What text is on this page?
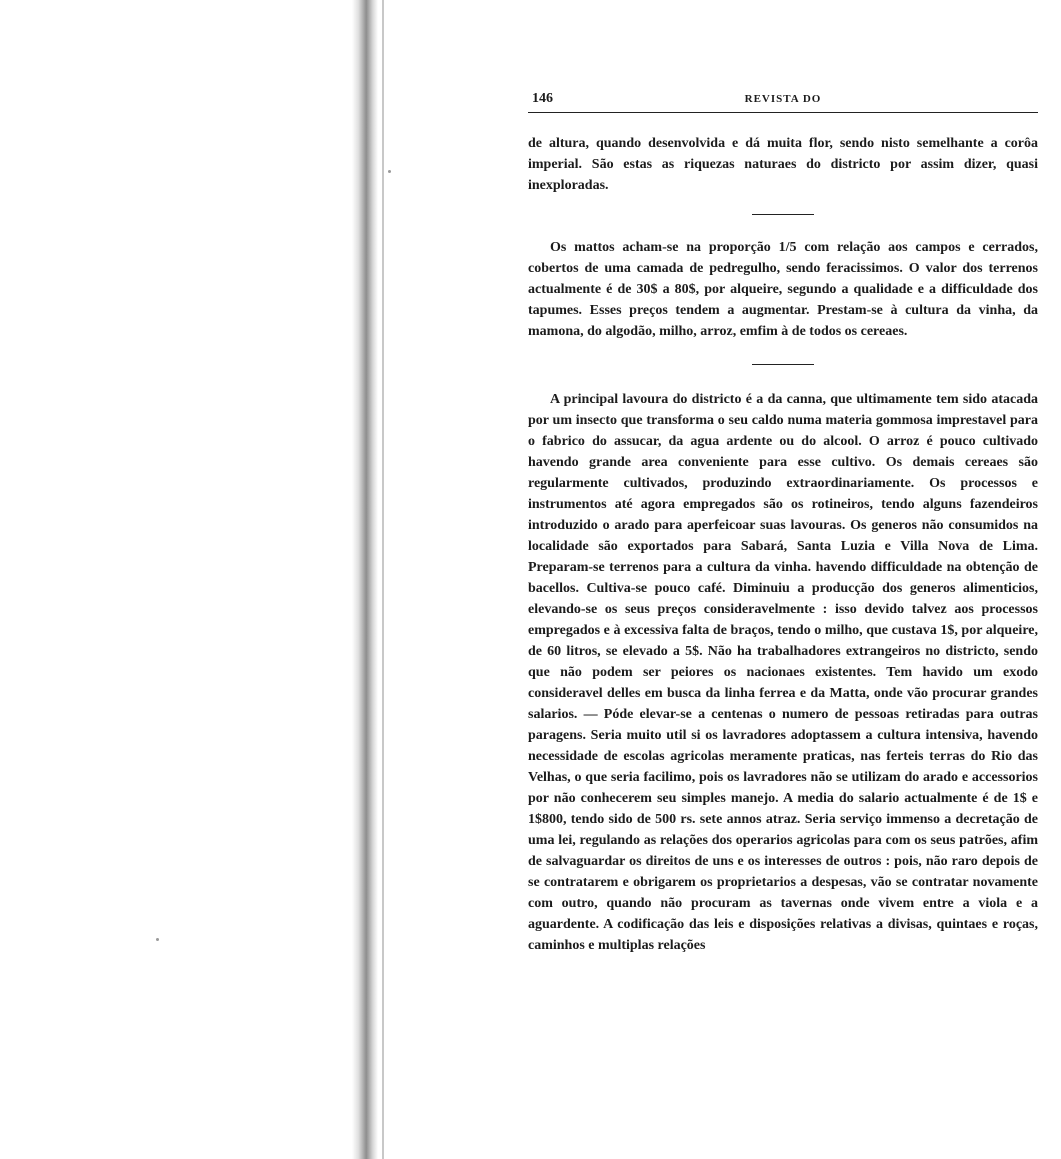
146	REVISTA DO

de altura, quando desenvolvida e dá muita flor, sendo nisto semelhante a corôa imperial. São estas as riquezas naturaes do districto por assim dizer, quasi inexploradas.

Os mattos acham-se na proporção 1/5 com relação aos campos e cerrados, cobertos de uma camada de pedregulho, sendo feracissimos. O valor dos terrenos actualmente é de 30$ a 80$, por alqueire, segundo a qualidade e a difficuldade dos tapumes. Esses preços tendem a augmentar. Prestam-se à cultura da vinha, da mamona, do algodão, milho, arroz, emfim à de todos os cereaes.

A principal lavoura do districto é a da canna, que ultimamente tem sido atacada por um insecto que transforma o seu caldo numa materia gommosa imprestavel para o fabrico do assucar, da agua ardente ou do alcool. O arroz é pouco cultivado havendo grande area conveniente para esse cultivo. Os demais cereaes são regularmente cultivados, produzindo extraordinariamente. Os processos e instrumentos até agora empregados são os rotineiros, tendo alguns fazendeiros introduzido o arado para aperfeicoar suas lavouras. Os generos não consumidos na localidade são exportados para Sabará, Santa Luzia e Villa Nova de Lima. Preparam-se terrenos para a cultura da vinha. havendo difficuldade na obtenção de bacellos. Cultiva-se pouco café. Diminuiu a producção dos generos alimenticios, elevando-se os seus preços consideravelmente : isso devido talvez aos processos empregados e à excessiva falta de braços, tendo o milho, que custava 1$, por alqueire, de 60 litros, se elevado a 5$. Não ha trabalhadores extrangeiros no districto, sendo que não podem ser peiores os nacionaes existentes. Tem havido um exodo consideravel delles em busca da linha ferrea e da Matta, onde vão procurar grandes salarios. — Póde elevar-se a centenas o numero de pessoas retiradas para outras paragens. Seria muito util si os lavradores adoptassem a cultura intensiva, havendo necessidade de escolas agricolas meramente praticas, nas ferteis terras do Rio das Velhas, o que seria facilimo, pois os lavradores não se utilizam do arado e accessorios por não conhecerem seu simples manejo. A media do salario actualmente é de 1$ e 1$800, tendo sido de 500 rs. sete annos atraz. Seria serviço immenso a decretação de uma lei, regulando as relações dos operarios agricolas para com os seus patrões, afim de salvaguardar os direitos de uns e os interesses de outros : pois, não raro depois de se contratarem e obrigarem os proprietarios a despesas, vão se contratar novamente com outro, quando não procuram as tavernas onde vivem entre a viola e a aguardente. A codificação das leis e disposições relativas a divisas, quintaes e roças, caminhos e multiplas relações
